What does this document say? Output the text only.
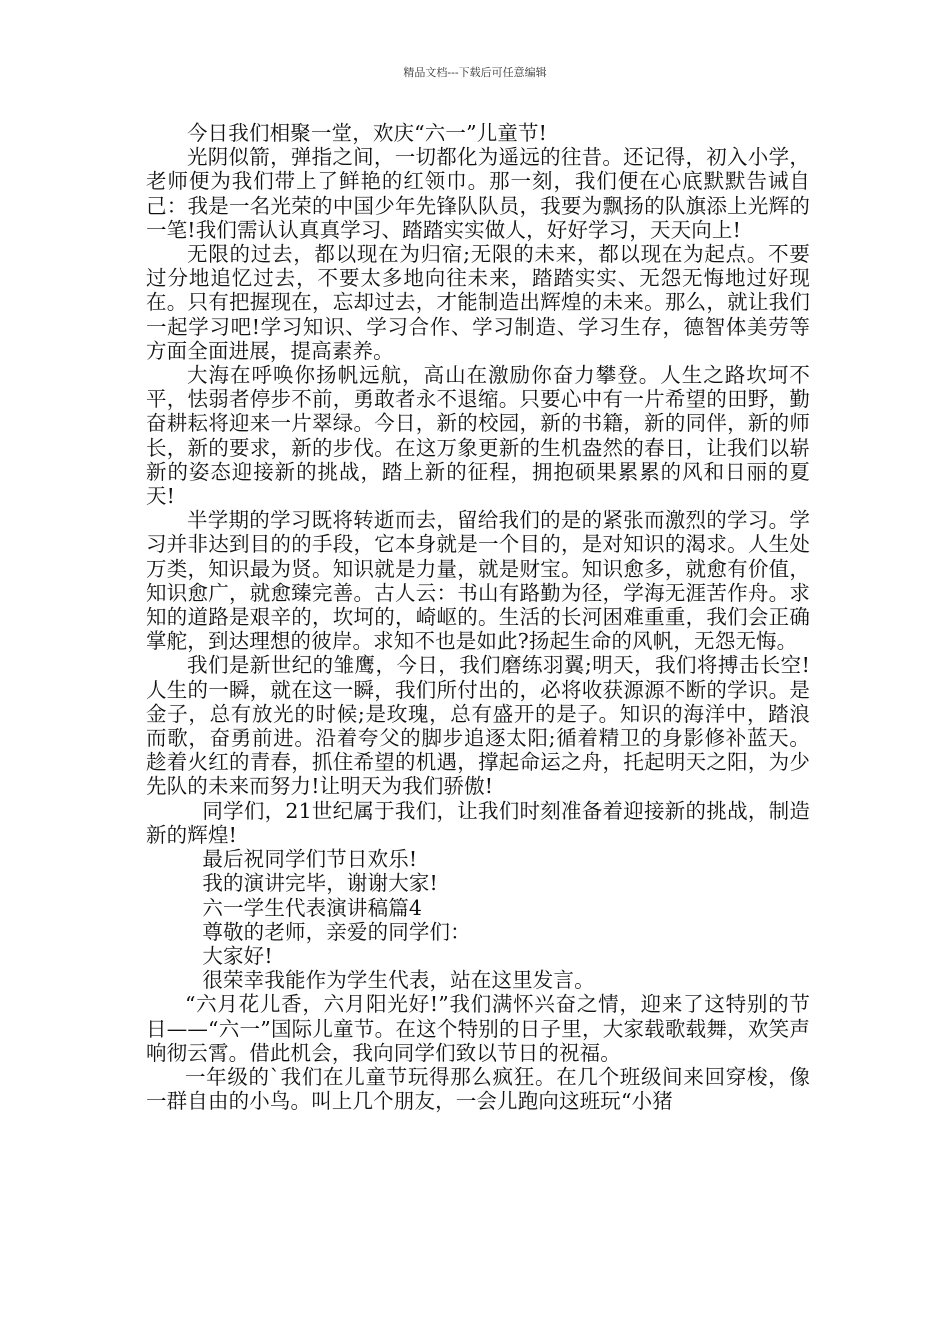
精品文档---下载后可任意编辑

今日我们相聚一堂，欢庆“六一”儿童节!

光阴似箭，弹指之间，一切都化为遥远的往昔。还记得，初入小学，老师便为我们带上了鲜艳的红领巾。那一刻，我们便在心底默默告诫自己：我是一名光荣的中国少年先锋队队员，我要为飘扬的队旗添上光辉的一笔!我们需认认真真学习、踏踏实实做人，好好学习，天天向上!

无限的过去，都以现在为归宿;无限的未来，都以现在为起点。不要过分地追忆过去，不要太多地向往未来，踏踏实实、无怨无悔地过好现在。只有把握现在，忘却过去，才能制造出辉煌的未来。那么，就让我们一起学习吧!学习知识、学习合作、学习制造、学习生存，德智体美劳等方面全面进展，提高素养。

大海在呼唤你扬帆远航，高山在激励你奋力攀登。人生之路坎坷不平，怯弱者停步不前，勇敢者永不退缩。只要心中有一片希望的田野，勤奋耕耘将迎来一片翠绿。今日，新的校园，新的书籍，新的同伴，新的师长，新的要求，新的步伐。在这万象更新的生机盎然的春日，让我们以崭新的姿态迎接新的挑战，踏上新的征程，拥抱硕果累累的风和日丽的夏天!

半学期的学习既将转逝而去，留给我们的是的紧张而激烈的学习。学习并非达到目的的手段，它本身就是一个目的，是对知识的渴求。人生处万类，知识最为贤。知识就是力量，就是财宝。知识愈多，就愈有价值，知识愈广，就愈臻完善。古人云：书山有路勤为径，学海无涯苦作舟。求知的道路是艰辛的，坎坷的，崎岖的。生活的长河困难重重，我们会正确掌舵，到达理想的彼岸。求知不也是如此?扬起生命的风帆，无怨无悔。

我们是新世纪的雏鹰，今日，我们磨练羽翼;明天，我们将搏击长空!人生的一瞬，就在这一瞬，我们所付出的，必将收获源源不断的学识。是金子，总有放光的时候;是玫瑰，总有盛开的是子。知识的海洋中，踏浪而歌，奋勇前进。沿着夸父的脚步追逐太阳;循着精卫的身影修补蓝天。趁着火红的青春，抓住希望的机遇，撑起命运之舟，托起明天之阳，为少先队的未来而努力!让明天为我们骄傲!

同学们，21世纪属于我们，让我们时刻准备着迎接新的挑战，制造新的辉煌!

最后祝同学们节日欢乐!

我的演讲完毕，谢谢大家!

六一学生代表演讲稿篇4

尊敬的老师，亲爱的同学们：

大家好!

很荣幸我能作为学生代表，站在这里发言。

“六月花儿香，六月阳光好!”我们满怀兴奋之情，迎来了这特别的节日——“六一”国际儿童节。在这个特别的日子里，大家载歌载舞，欢笑声响彻云霄。借此机会，我向同学们致以节日的祝福。

一年级的`我们在儿童节玩得那么疯狂。在几个班级间来回穿梭，像一群自由的小鸟。叫上几个朋友，一会儿跑向这班玩“小猪
